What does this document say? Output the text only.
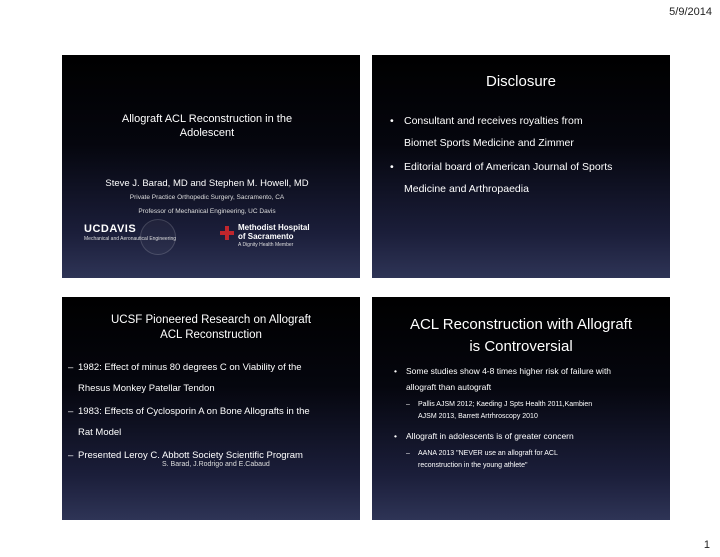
5/9/2014
Allograft ACL Reconstruction in the
Adolescent
Steve J. Barad, MD and Stephen M. Howell, MD
Private Practice Orthopedic Surgery, Sacramento, CA
Professor of Mechanical Engineering, UC Davis
UCDAVIS
Mechanical and Aeronautical Engineering
Methodist Hospital
of Sacramento
A Dignity Health Member
Disclosure
• Consultant and receives royalties from
Biomet Sports Medicine and Zimmer
• Editorial board of American Journal of Sports
Medicine and Arthropaedia
UCSF Pioneered Research on Allograft
ACL Reconstruction
– 1982: Effect of minus 80 degrees C on Viability of the
Rhesus Monkey Patellar Tendon
– 1983: Effects of Cyclosporin A on Bone Allografts in the
Rat Model
– Presented Leroy C. Abbott Society Scientific Program
S. Barad, J.Rodrigo and E.Cabaud
ACL Reconstruction with Allograft
is Controversial
• Some studies show 4-8 times higher risk of failure with
allograft than autograft
– Pallis AJSM 2012; Kaeding J Spts Health 2011,Kambien
AJSM 2013, Barrett Artrhroscopy 2010
• Allograft in adolescents is of greater concern
– AANA 2013 "NEVER use an allograft for ACL
reconstruction in the young athlete"
1
